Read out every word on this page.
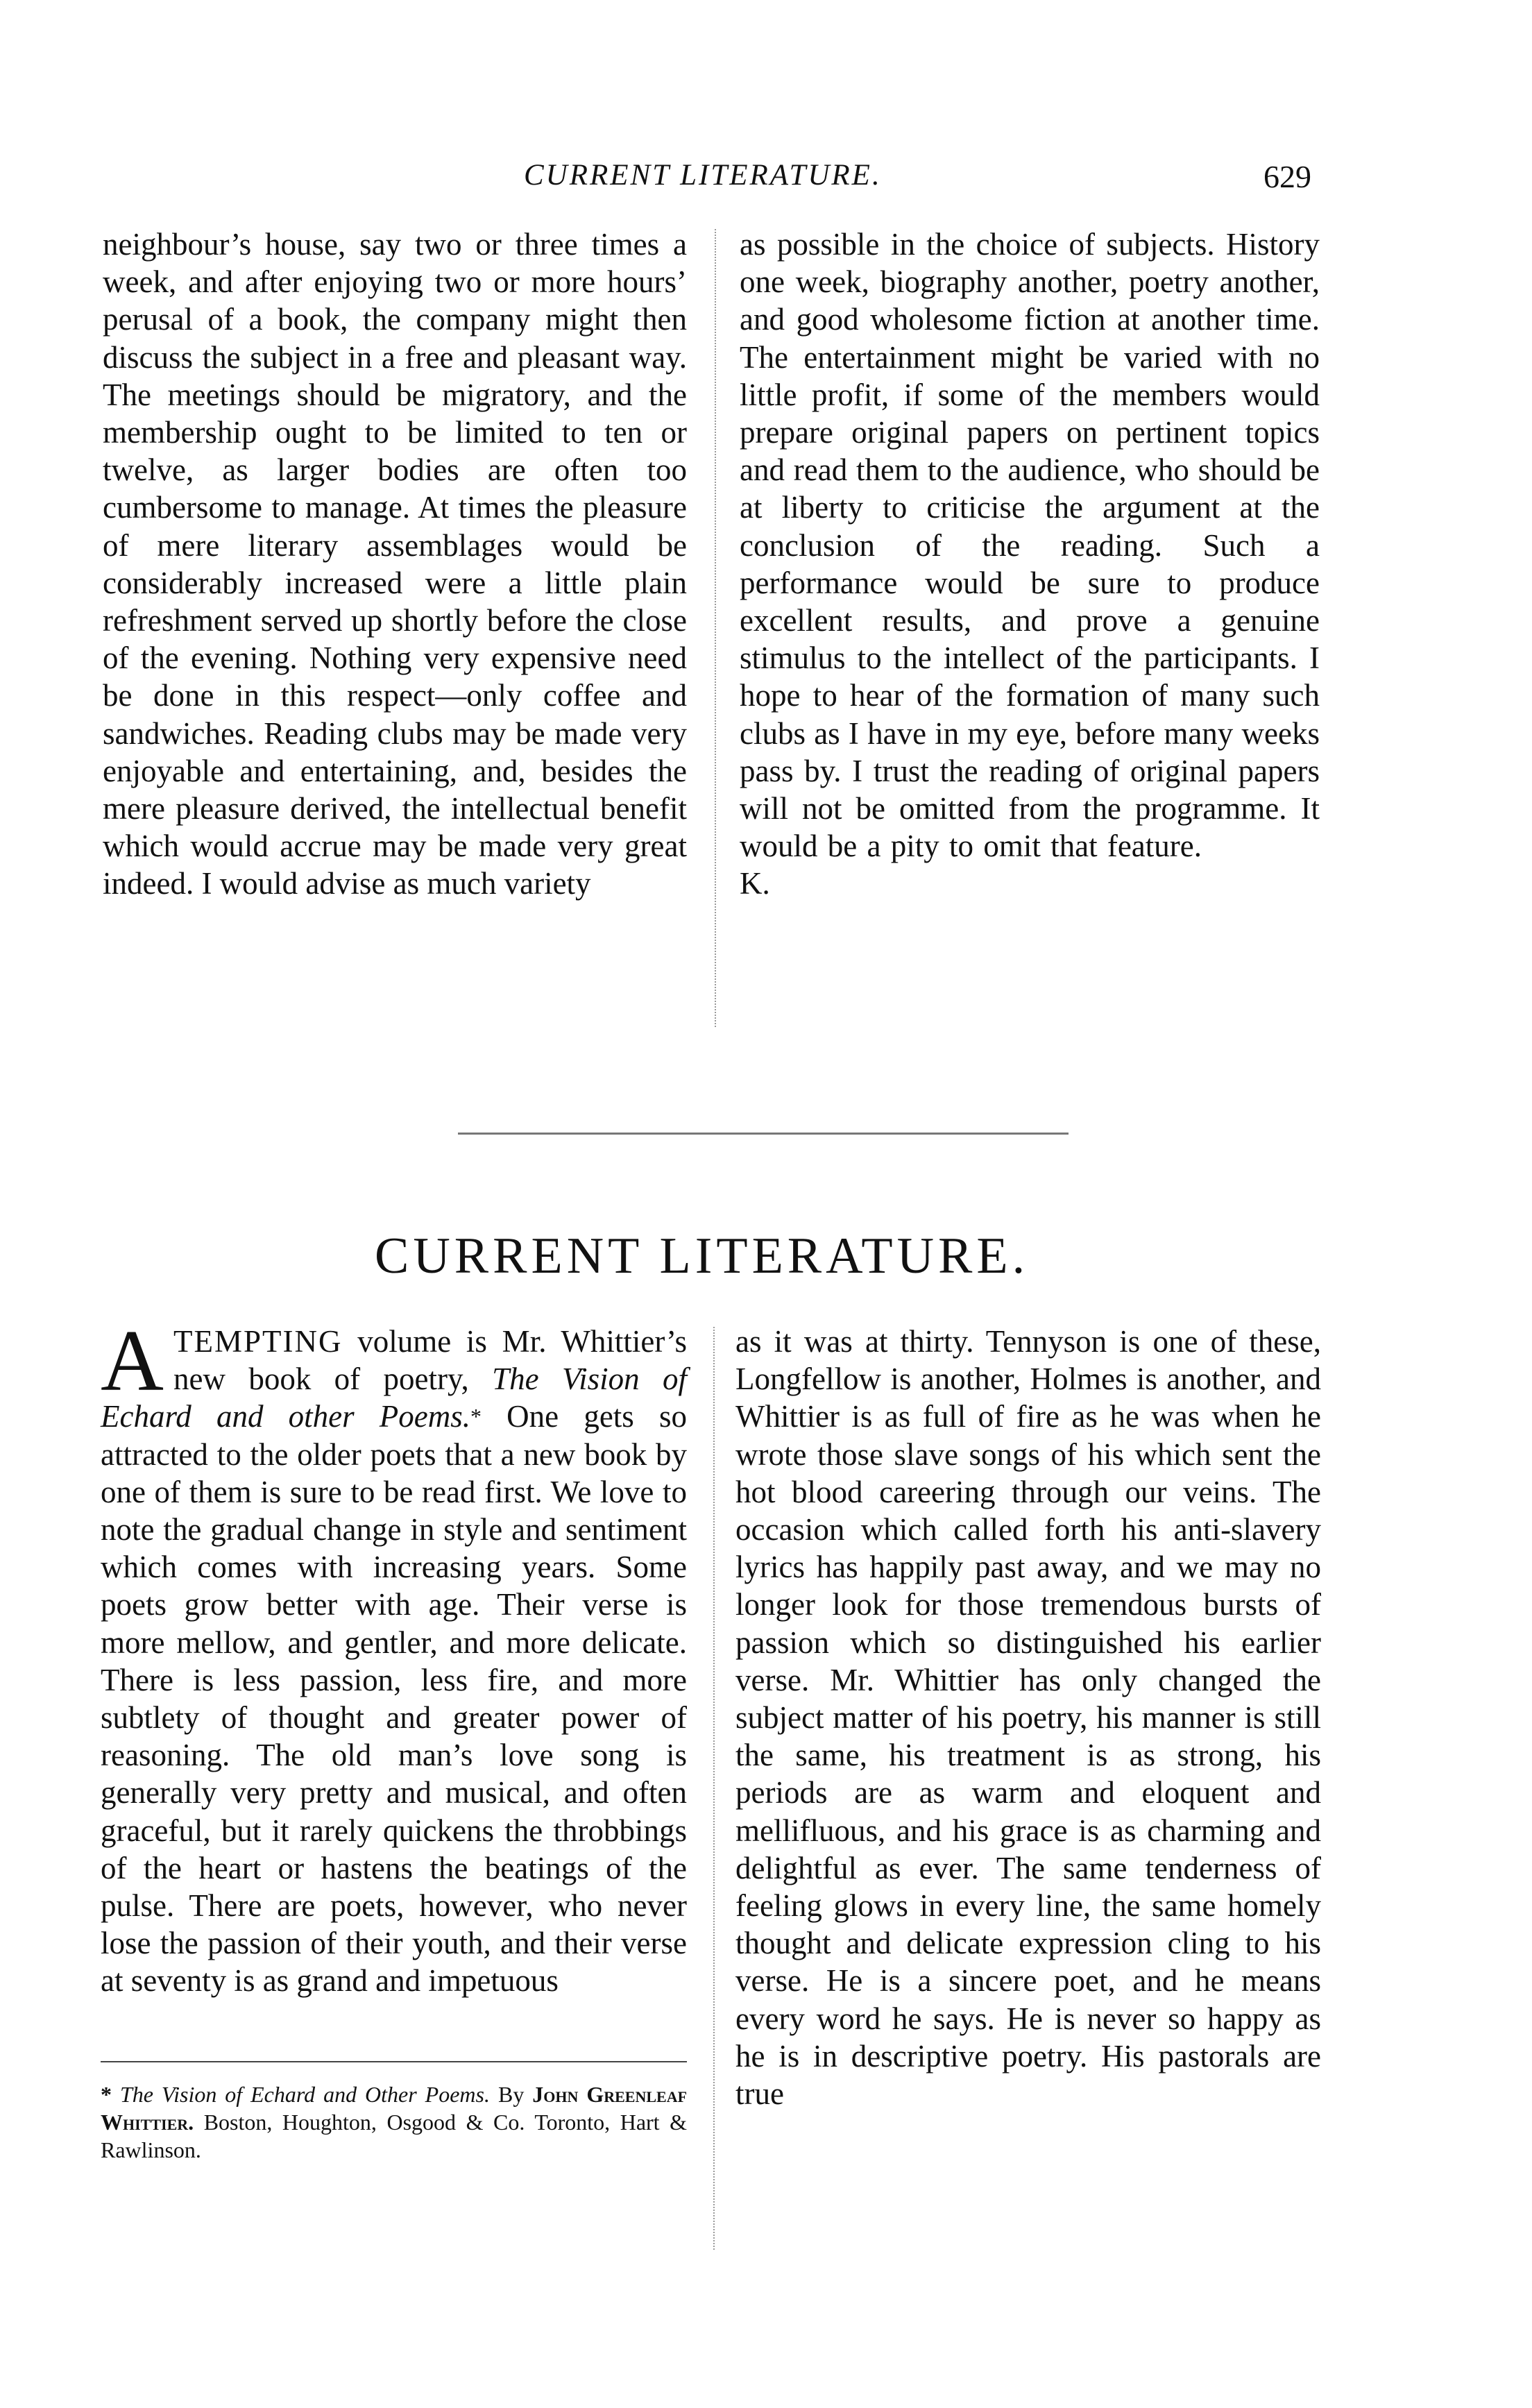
CURRENT LITERATURE.	629

neighbour’s house, say two or three times a week, and after enjoying two or more hours’ perusal of a book, the company might then discuss the subject in a free and pleasant way. The meetings should be migratory, and the membership ought to be limited to ten or twelve, as larger bodies are often too cumbersome to manage. At times the pleasure of mere literary assemblages would be considerably increased were a little plain refreshment served up shortly before the close of the evening. Nothing very expensive need be done in this respect—only coffee and sandwiches. Reading clubs may be made very enjoyable and entertaining, and, besides the mere pleasure derived, the intellectual benefit which would accrue may be made very great indeed. I would advise as much variety

as possible in the choice of subjects. History one week, biography another, poetry another, and good wholesome fiction at another time. The entertainment might be varied with no little profit, if some of the members would prepare original papers on pertinent topics and read them to the audience, who should be at liberty to criticise the argument at the conclusion of the reading. Such a performance would be sure to produce excellent results, and prove a genuine stimulus to the intellect of the participants. I hope to hear of the formation of many such clubs as I have in my eye, before many weeks pass by. I trust the reading of original papers will not be omitted from the programme. It would be a pity to omit that feature.K.

CURRENT LITERATURE.

ATEMPTING volume is Mr. Whittier’s new book of poetry, The Vision of Echard and other Poems.* One gets so attracted to the older poets that a new book by one of them is sure to be read first. We love to note the gradual change in style and sentiment which comes with increasing years. Some poets grow better with age. Their verse is more mellow, and gentler, and more delicate. There is less passion, less fire, and more subtlety of thought and greater power of reasoning. The old man’s love song is generally very pretty and musical, and often graceful, but it rarely quickens the throbbings of the heart or hastens the beatings of the pulse. There are poets, however, who never lose the passion of their youth, and their verse at seventy is as grand and impetuous

as it was at thirty. Tennyson is one of these, Longfellow is another, Holmes is another, and Whittier is as full of fire as he was when he wrote those slave songs of his which sent the hot blood careering through our veins. The occasion which called forth his anti-slavery lyrics has happily past away, and we may no longer look for those tremendous bursts of passion which so distinguished his earlier verse. Mr. Whittier has only changed the subject matter of his poetry, his manner is still the same, his treatment is as strong, his periods are as warm and eloquent and mellifluous, and his grace is as charming and delightful as ever. The same tenderness of feeling glows in every line, the same homely thought and delicate expression cling to his verse. He is a sincere poet, and he means every word he says. He is never so happy as he is in descriptive poetry. His pastorals are true

* The Vision of Echard and Other Poems. By John Greenleaf Whittier. Boston, Houghton, Osgood & Co. Toronto, Hart & Rawlinson.
